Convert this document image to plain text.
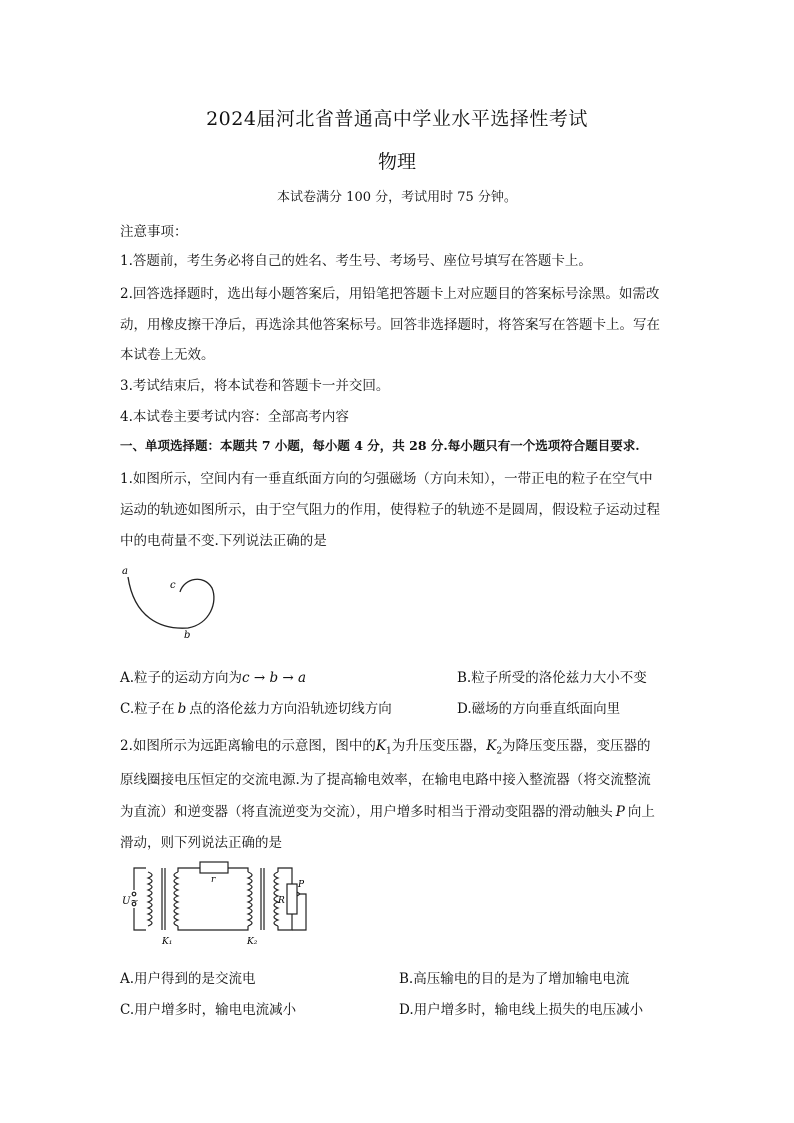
2024届河北省普通高中学业水平选择性考试
物理
本试卷满分 100 分，考试用时 75 分钟。
注意事项：
1.答题前，考生务必将自己的姓名、考生号、考场号、座位号填写在答题卡上。
2.回答选择题时，选出每小题答案后，用铅笔把答题卡上对应题目的答案标号涂黑。如需改
动，用橡皮擦干净后，再选涂其他答案标号。回答非选择题时，将答案写在答题卡上。写在
本试卷上无效。
3.考试结束后，将本试卷和答题卡一并交回。
4.本试卷主要考试内容：全部高考内容
一、单项选择题：本题共 7 小题，每小题 4 分，共 28 分.每小题只有一个选项符合题目要求.
1.如图所示，空间内有一垂直纸面方向的匀强磁场（方向未知），一带正电的粒子在空气中
运动的轨迹如图所示，由于空气阻力的作用，使得粒子的轨迹不是圆周，假设粒子运动过程
中的电荷量不变.下列说法正确的是
a
c
b
A.粒子的运动方向为c → b → a	B.粒子所受的洛伦兹力大小不变
C.粒子在 b 点的洛伦兹力方向沿轨迹切线方向	D.磁场的方向垂直纸面向里
2.如图所示为远距离输电的示意图，图中的$K_1$为升压变压器，$K_2$为降压变压器，变压器的
原线圈接电压恒定的交流电源.为了提高输电效率，在输电电路中接入整流器（将交流整流
为直流）和逆变器（将直流逆变为交流），用户增多时相当于滑动变阻器的滑动触头 P 向上
滑动，则下列说法正确的是
U~
r
R
P
K₁	K₂
A.用户得到的是交流电	B.高压输电的目的是为了增加输电电流
C.用户增多时，输电电流减小	D.用户增多时，输电线上损失的电压减小
